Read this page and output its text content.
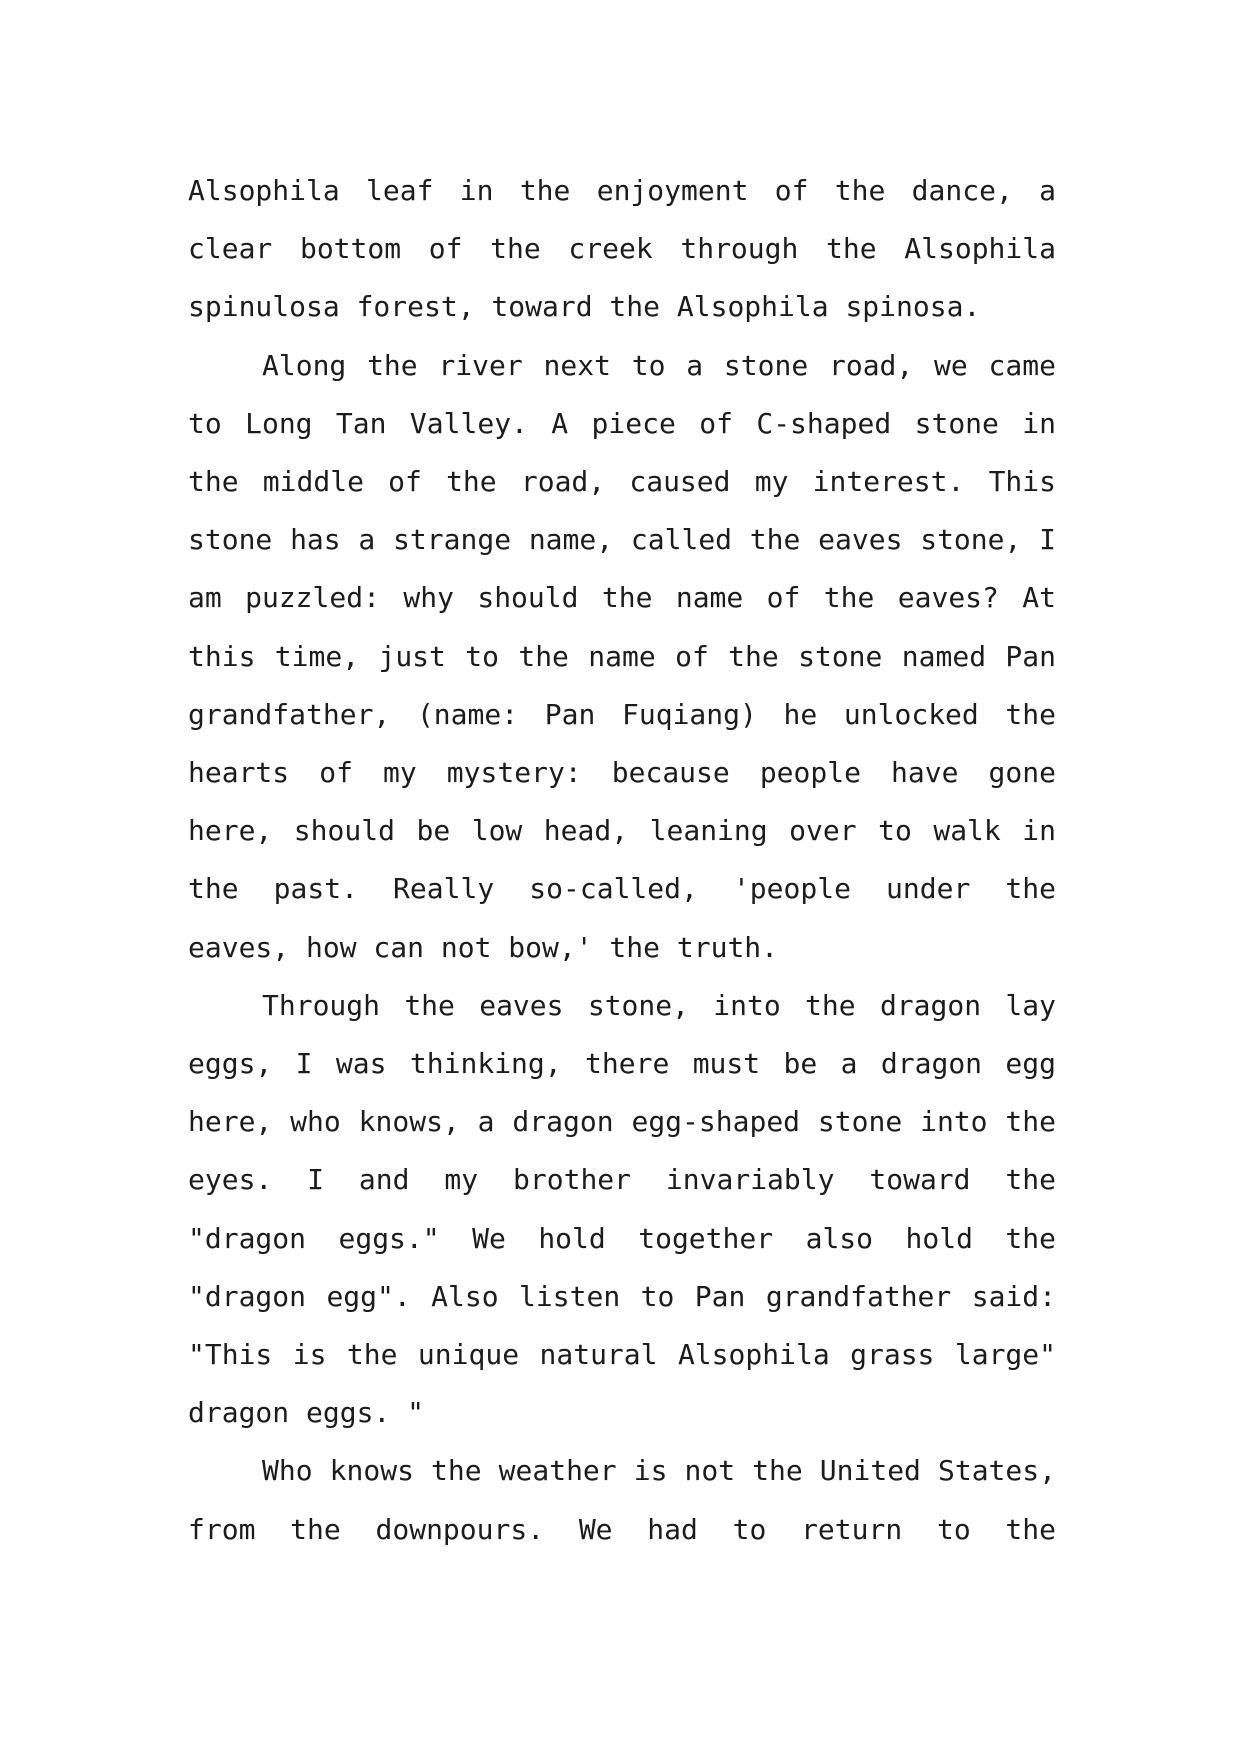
Alsophila leaf in the enjoyment of the dance, a clear bottom of the creek through the Alsophila spinulosa forest, toward the Alsophila spinosa.

Along the river next to a stone road, we came to Long Tan Valley. A piece of C-shaped stone in the middle of the road, caused my interest. This stone has a strange name, called the eaves stone, I am puzzled: why should the name of the eaves? At this time, just to the name of the stone named Pan grandfather, (name: Pan Fuqiang) he unlocked the hearts of my mystery: because people have gone here, should be low head, leaning over to walk in the past. Really so-called, 'people under the eaves, how can not bow,' the truth.

Through the eaves stone, into the dragon lay eggs, I was thinking, there must be a dragon egg here, who knows, a dragon egg-shaped stone into the eyes. I and my brother invariably toward the "dragon eggs." We hold together also hold the "dragon egg". Also listen to Pan grandfather said: "This is the unique natural Alsophila grass large" dragon eggs. "

Who knows the weather is not the United States, from the downpours. We had to return to the
